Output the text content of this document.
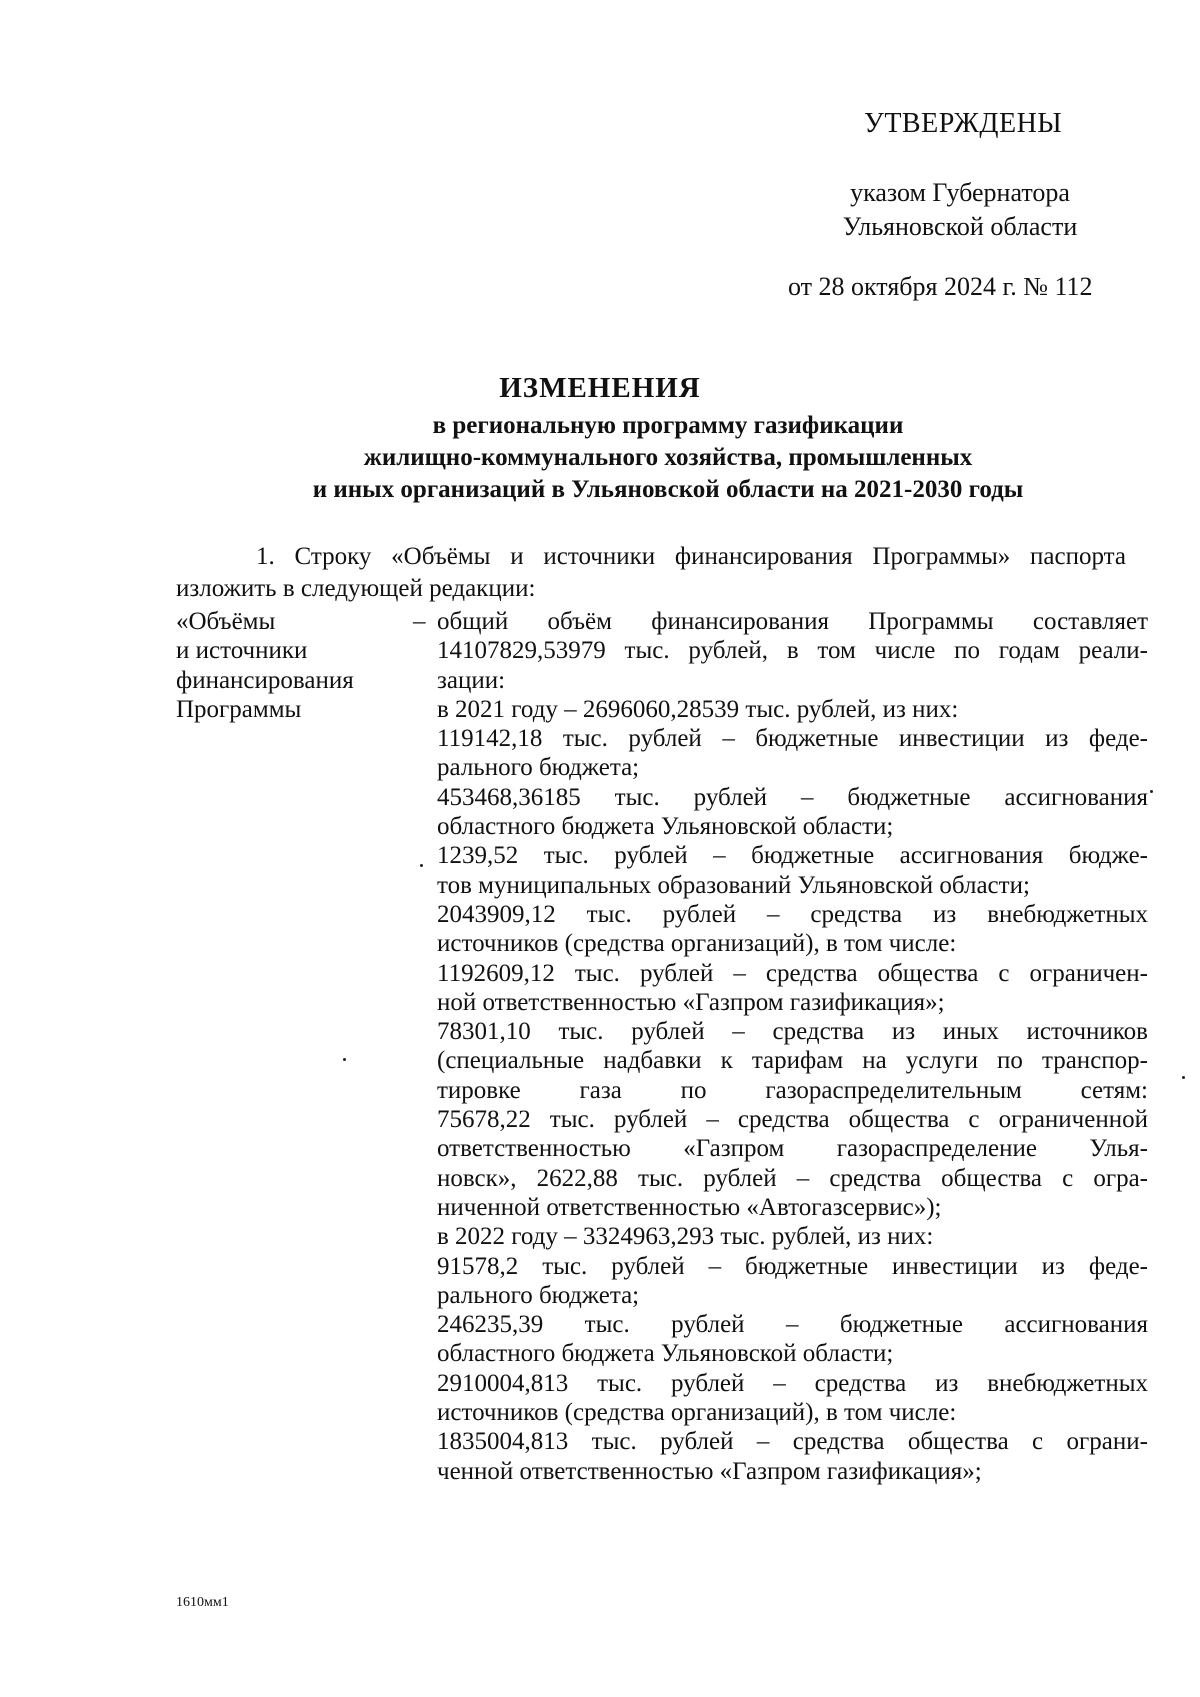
УТВЕРЖДЕНЫ
указом Губернатора
Ульяновской области
от 28 октября 2024 г. № 112
ИЗМЕНЕНИЯ
в региональную программу газификации
жилищно-коммунального хозяйства, промышленных
и иных организаций в Ульяновской области на 2021-2030 годы
1. Строку «Объёмы и источники финансирования Программы» паспорта
изложить в следующей редакции:
«Объёмы
и источники
финансирования
Программы
– общий объём финансирования Программы составляет
14107829,53979 тыс. рублей, в том числе по годам реали-
зации:
в 2021 году – 2696060,28539 тыс. рублей, из них:
119142,18 тыс. рублей – бюджетные инвестиции из феде-
рального бюджета;
453468,36185 тыс. рублей – бюджетные ассигнования
областного бюджета Ульяновской области;
1239,52 тыс. рублей – бюджетные ассигнования бюдже-
тов муниципальных образований Ульяновской области;
2043909,12 тыс. рублей – средства из внебюджетных
источников (средства организаций), в том числе:
1192609,12 тыс. рублей – средства общества с ограничен-
ной ответственностью «Газпром газификация»;
78301,10 тыс. рублей – средства из иных источников
(специальные надбавки к тарифам на услуги по транспор-
тировке газа по газораспределительным сетям:
75678,22 тыс. рублей – средства общества с ограниченной
ответственностью «Газпром газораспределение Улья-
новск», 2622,88 тыс. рублей – средства общества с огра-
ниченной ответственностью «Автогазсервис»);
в 2022 году – 3324963,293 тыс. рублей, из них:
91578,2 тыс. рублей – бюджетные инвестиции из феде-
рального бюджета;
246235,39 тыс. рублей – бюджетные ассигнования
областного бюджета Ульяновской области;
2910004,813 тыс. рублей – средства из внебюджетных
источников (средства организаций), в том числе:
1835004,813 тыс. рублей – средства общества с ограни-
ченной ответственностью «Газпром газификация»;
1610мм1
